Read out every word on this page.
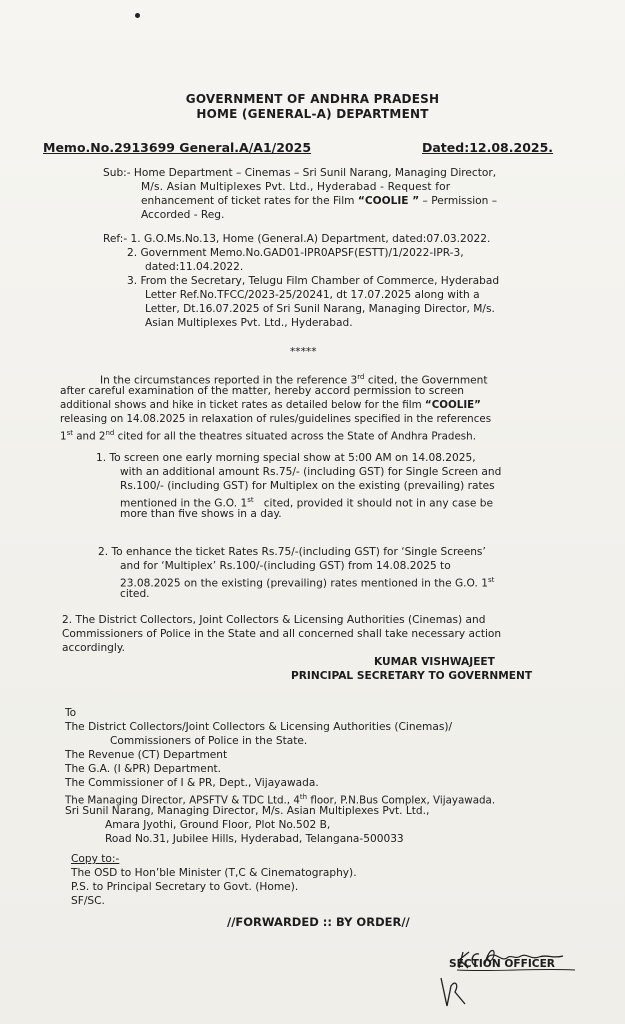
GOVERNMENT OF ANDHRA PRADESH
HOME (GENERAL-A) DEPARTMENT
Memo.No.2913699 General.A/A1/2025	Dated:12.08.2025.
Sub:- Home Department – Cinemas – Sri Sunil Narang, Managing Director,
M/s. Asian Multiplexes Pvt. Ltd., Hyderabad - Request for
enhancement of ticket rates for the Film “COOLIE ” – Permission –
Accorded - Reg.
Ref:- 1. G.O.Ms.No.13, Home (General.A) Department, dated:07.03.2022.
2. Government Memo.No.GAD01-IPR0APSF(ESTT)/1/2022-IPR-3,
dated:11.04.2022.
3. From the Secretary, Telugu Film Chamber of Commerce, Hyderabad
Letter Ref.No.TFCC/2023-25/20241, dt 17.07.2025 along with a
Letter, Dt.16.07.2025 of Sri Sunil Narang, Managing Director, M/s.
Asian Multiplexes Pvt. Ltd., Hyderabad.
*****
In the circumstances reported in the reference 3rd cited, the Government
after careful examination of the matter, hereby accord permission to screen
additional shows and hike in ticket rates as detailed below for the film “COOLIE”
releasing on 14.08.2025 in relaxation of rules/guidelines specified in the references
1st and 2nd cited for all the theatres situated across the State of Andhra Pradesh.
1. To screen one early morning special show at 5:00 AM on 14.08.2025,
with an additional amount Rs.75/- (including GST) for Single Screen and
Rs.100/- (including GST) for Multiplex on the existing (prevailing) rates
mentioned in the G.O. 1st   cited, provided it should not in any case be
more than five shows in a day.
2. To enhance the ticket Rates Rs.75/-(including GST) for ‘Single Screens’
and for ‘Multiplex’ Rs.100/-(including GST) from 14.08.2025 to
23.08.2025 on the existing (prevailing) rates mentioned in the G.O. 1st
cited.
2. The District Collectors, Joint Collectors & Licensing Authorities (Cinemas) and
Commissioners of Police in the State and all concerned shall take necessary action
accordingly.
KUMAR VISHWAJEET
PRINCIPAL SECRETARY TO GOVERNMENT
To
The District Collectors/Joint Collectors & Licensing Authorities (Cinemas)/
Commissioners of Police in the State.
The Revenue (CT) Department
The G.A. (I &PR) Department.
The Commissioner of I & PR, Dept., Vijayawada.
The Managing Director, APSFTV & TDC Ltd., 4th floor, P.N.Bus Complex, Vijayawada.
Sri Sunil Narang, Managing Director, M/s. Asian Multiplexes Pvt. Ltd.,
Amara Jyothi, Ground Floor, Plot No.502 B,
Road No.31, Jubilee Hills, Hyderabad, Telangana-500033
Copy to:-
The OSD to Hon’ble Minister (T,C & Cinematography).
P.S. to Principal Secretary to Govt. (Home).
SF/SC.
//FORWARDED :: BY ORDER//
SECTION OFFICER
